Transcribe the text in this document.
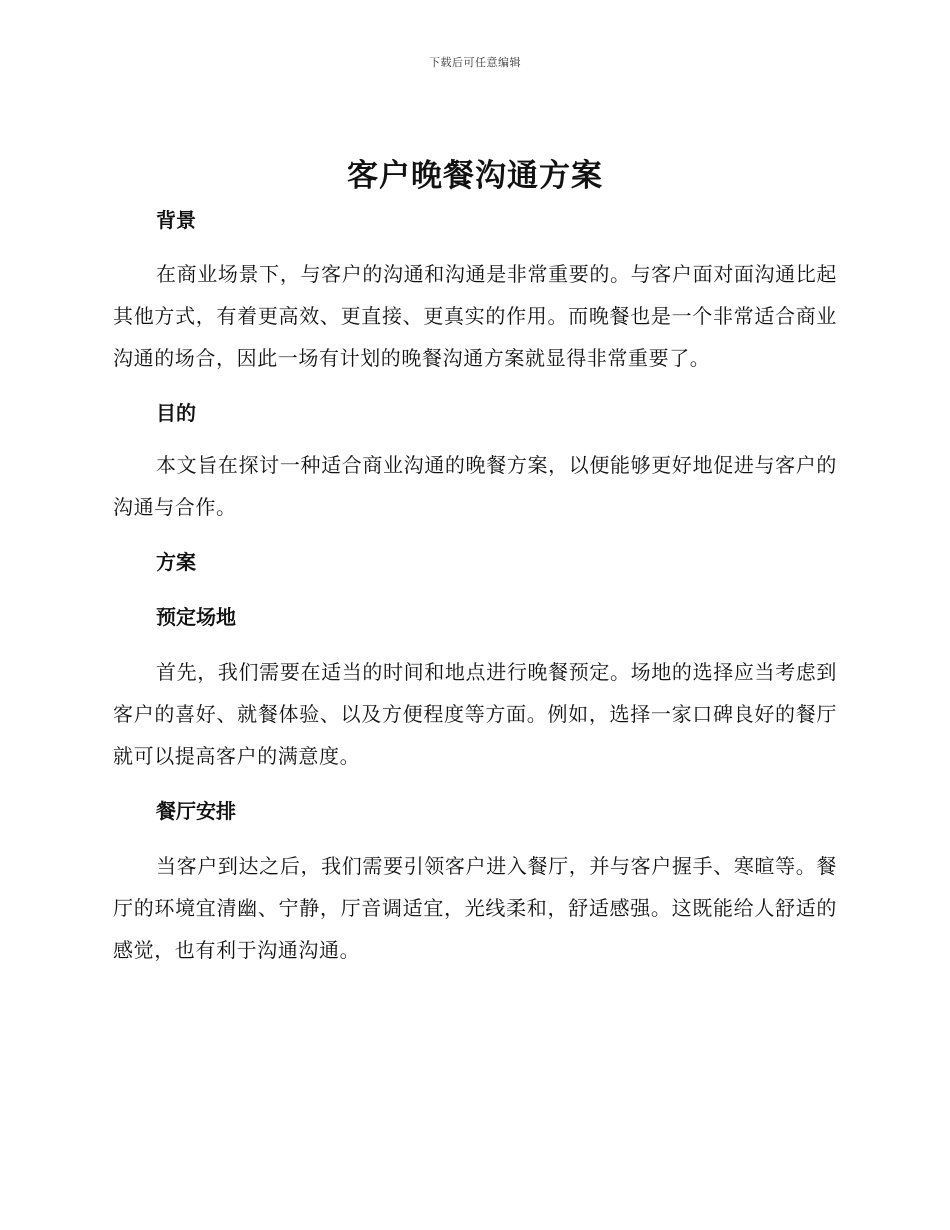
下载后可任意编辑
客户晚餐沟通方案
背景

在商业场景下，与客户的沟通和沟通是非常重要的。与客户面对面沟通比起其他方式，有着更高效、更直接、更真实的作用。而晚餐也是一个非常适合商业沟通的场合，因此一场有计划的晚餐沟通方案就显得非常重要了。

目的

本文旨在探讨一种适合商业沟通的晚餐方案，以便能够更好地促进与客户的沟通与合作。

方案
预定场地

首先，我们需要在适当的时间和地点进行晚餐预定。场地的选择应当考虑到客户的喜好、就餐体验、以及方便程度等方面。例如，选择一家口碑良好的餐厅就可以提高客户的满意度。

餐厅安排

当客户到达之后，我们需要引领客户进入餐厅，并与客户握手、寒暄等。餐厅的环境宜清幽、宁静，厅音调适宜，光线柔和，舒适感强。这既能给人舒适的感觉，也有利于沟通沟通。
